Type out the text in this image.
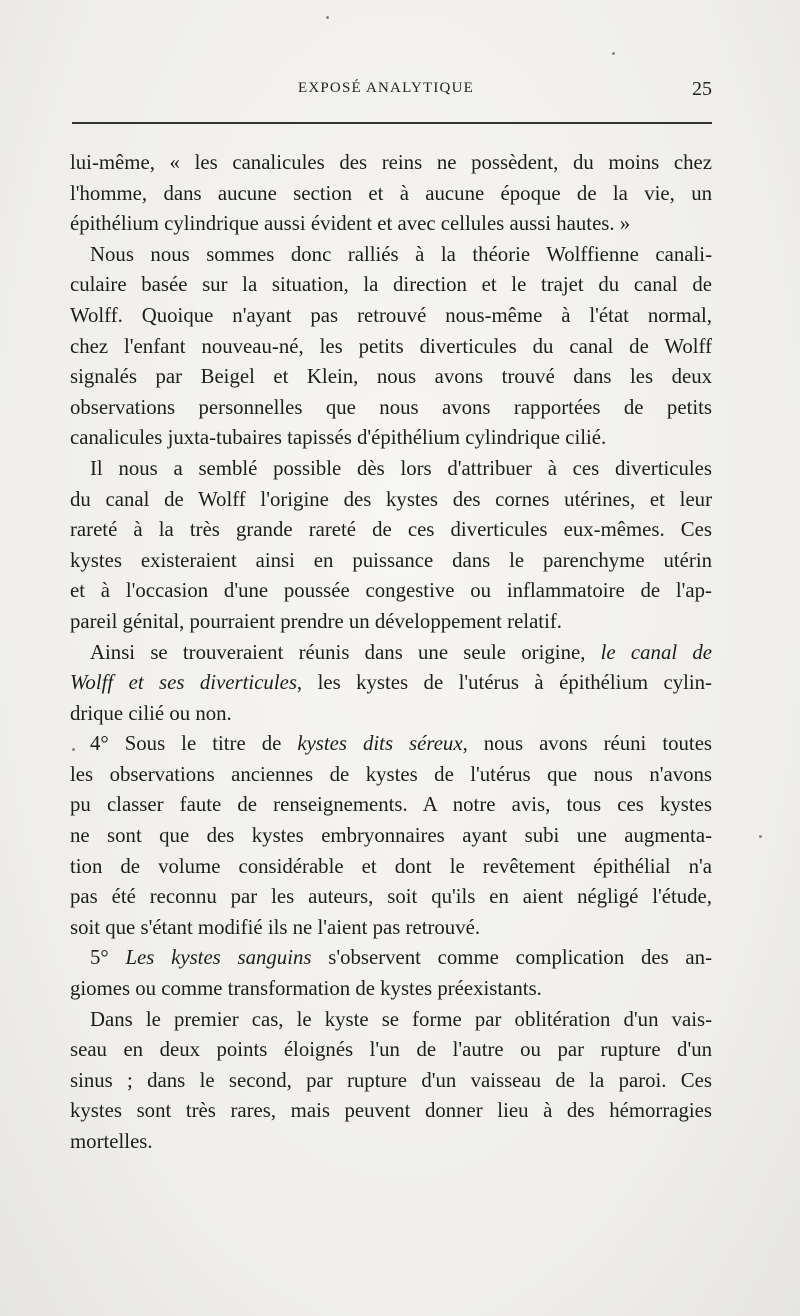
EXPOSÉ ANALYTIQUE	25

lui-même, « les canalicules des reins ne possèdent, du moins chez
l'homme, dans aucune section et à aucune époque de la vie, un
épithélium cylindrique aussi évident et avec cellules aussi hautes. »

Nous nous sommes donc ralliés à la théorie Wolffienne canali-
culaire basée sur la situation, la direction et le trajet du canal de
Wolff. Quoique n'ayant pas retrouvé nous-même à l'état normal,
chez l'enfant nouveau-né, les petits diverticules du canal de Wolff
signalés par Beigel et Klein, nous avons trouvé dans les deux
observations personnelles que nous avons rapportées de petits
canalicules juxta-tubaires tapissés d'épithélium cylindrique cilié.

Il nous a semblé possible dès lors d'attribuer à ces diverticules
du canal de Wolff l'origine des kystes des cornes utérines, et leur
rareté à la très grande rareté de ces diverticules eux-mêmes. Ces
kystes existeraient ainsi en puissance dans le parenchyme utérin
et à l'occasion d'une poussée congestive ou inflammatoire de l'ap-
pareil génital, pourraient prendre un développement relatif.

Ainsi se trouveraient réunis dans une seule origine, le canal de
Wolff et ses diverticules, les kystes de l'utérus à épithélium cylin-
drique cilié ou non.

4° Sous le titre de kystes dits séreux, nous avons réuni toutes
les observations anciennes de kystes de l'utérus que nous n'avons
pu classer faute de renseignements. A notre avis, tous ces kystes
ne sont que des kystes embryonnaires ayant subi une augmenta-
tion de volume considérable et dont le revêtement épithélial n'a
pas été reconnu par les auteurs, soit qu'ils en aient négligé l'étude,
soit que s'étant modifié ils ne l'aient pas retrouvé.

5° Les kystes sanguins s'observent comme complication des an-
giomes ou comme transformation de kystes préexistants.

Dans le premier cas, le kyste se forme par oblitération d'un vais-
seau en deux points éloignés l'un de l'autre ou par rupture d'un
sinus ; dans le second, par rupture d'un vaisseau de la paroi. Ces
kystes sont très rares, mais peuvent donner lieu à des hémorragies
mortelles.
